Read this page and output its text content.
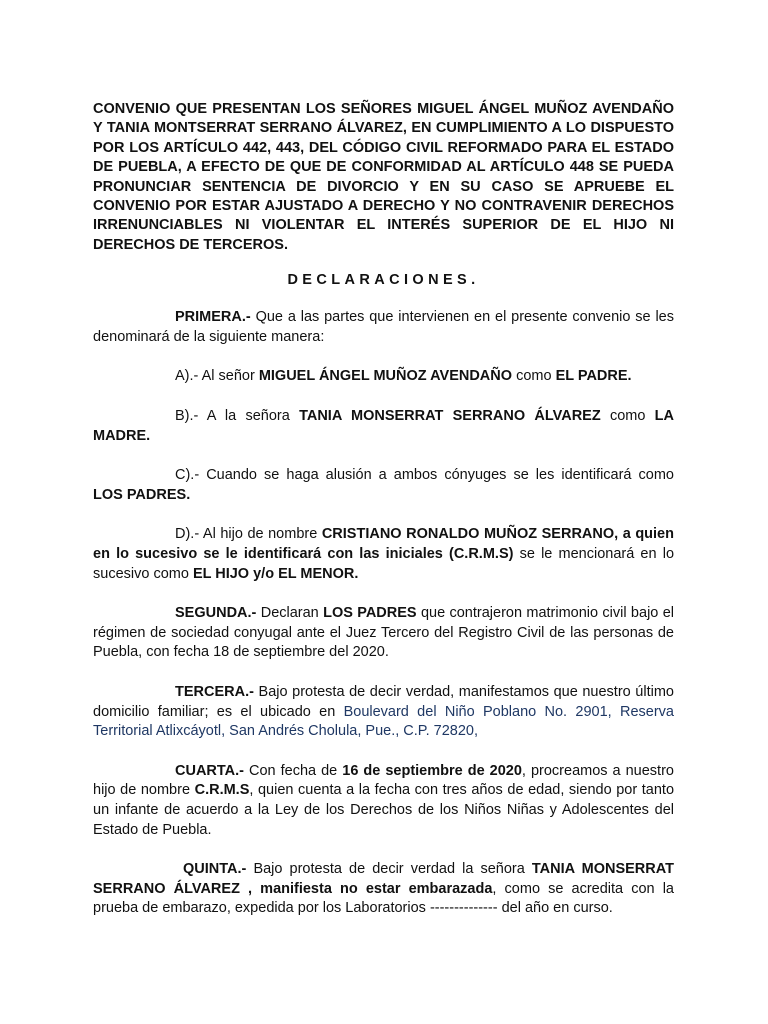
CONVENIO QUE PRESENTAN LOS SEÑORES MIGUEL ÁNGEL MUÑOZ AVENDAÑO Y TANIA MONTSERRAT SERRANO ÁLVAREZ, EN CUMPLIMIENTO A LO DISPUESTO POR LOS ARTÍCULO 442, 443, DEL CÓDIGO CIVIL REFORMADO PARA EL ESTADO DE PUEBLA, A EFECTO DE QUE DE CONFORMIDAD AL ARTÍCULO 448 SE PUEDA PRONUNCIAR SENTENCIA DE DIVORCIO Y EN SU CASO SE APRUEBE EL CONVENIO POR ESTAR AJUSTADO A DERECHO Y NO CONTRAVENIR DERECHOS IRRENUNCIABLES NI VIOLENTAR EL INTERÉS SUPERIOR DE EL HIJO NI DERECHOS DE TERCEROS.

DECLARACIONES.

PRIMERA.- Que a las partes que intervienen en el presente convenio se les denominará de la siguiente manera:

A).- Al señor MIGUEL ÁNGEL MUÑOZ AVENDAÑO como EL PADRE.

B).- A la señora TANIA MONSERRAT SERRANO ÁLVAREZ como LA MADRE.

C).- Cuando se haga alusión a ambos cónyuges se les identificará como LOS PADRES.

D).- Al hijo de nombre CRISTIANO RONALDO MUÑOZ SERRANO, a quien en lo sucesivo se le identificará con las iniciales (C.R.M.S) se le mencionará en lo sucesivo como EL HIJO y/o EL MENOR.

SEGUNDA.- Declaran LOS PADRES que contrajeron matrimonio civil bajo el régimen de sociedad conyugal ante el Juez Tercero del Registro Civil de las personas de Puebla, con fecha 18 de septiembre del 2020.

TERCERA.- Bajo protesta de decir verdad, manifestamos que nuestro último domicilio familiar; es el ubicado en Boulevard del Niño Poblano No. 2901, Reserva Territorial Atlixcáyotl, San Andrés Cholula, Pue., C.P. 72820,

CUARTA.- Con fecha de 16 de septiembre de 2020, procreamos a nuestro hijo de nombre C.R.M.S, quien cuenta a la fecha con tres años de edad, siendo por tanto un infante de acuerdo a la Ley de los Derechos de los Niños Niñas y Adolescentes del Estado de Puebla.

QUINTA.- Bajo protesta de decir verdad la señora TANIA MONSERRAT SERRANO ÁLVAREZ , manifiesta no estar embarazada, como se acredita con la prueba de embarazo, expedida por los Laboratorios -------------- del año en curso.
